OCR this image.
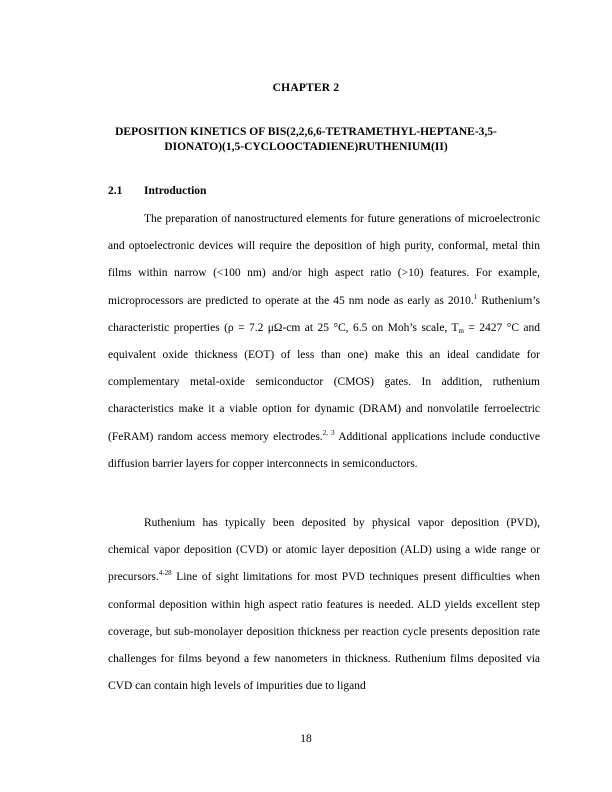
CHAPTER 2
DEPOSITION KINETICS OF BIS(2,2,6,6-TETRAMETHYL-HEPTANE-3,5-
DIONATO)(1,5-CYCLOOCTADIENE)RUTHENIUM(II)
2.1 Introduction

The preparation of nanostructured elements for future generations of microelectronic and optoelectronic devices will require the deposition of high purity, conformal, metal thin films within narrow (<100 nm) and/or high aspect ratio (>10) features. For example, microprocessors are predicted to operate at the 45 nm node as early as 2010.$^1$ Ruthenium’s characteristic properties (ρ = 7.2 μΩ-cm at 25 °C, 6.5 on Moh’s scale, $T_m = 2427$ °C and equivalent oxide thickness (EOT) of less than one) make this an ideal candidate for complementary metal-oxide semiconductor (CMOS) gates. In addition, ruthenium characteristics make it a viable option for dynamic (DRAM) and nonvolatile ferroelectric (FeRAM) random access memory electrodes.$^{2, 3}$ Additional applications include conductive diffusion barrier layers for copper interconnects in semiconductors.

Ruthenium has typically been deposited by physical vapor deposition (PVD), chemical vapor deposition (CVD) or atomic layer deposition (ALD) using a wide range or precursors.$^{4-28}$ Line of sight limitations for most PVD techniques present difficulties when conformal deposition within high aspect ratio features is needed. ALD yields excellent step coverage, but sub-monolayer deposition thickness per reaction cycle presents deposition rate challenges for films beyond a few nanometers in thickness. Ruthenium films deposited via CVD can contain high levels of impurities due to ligand

18
